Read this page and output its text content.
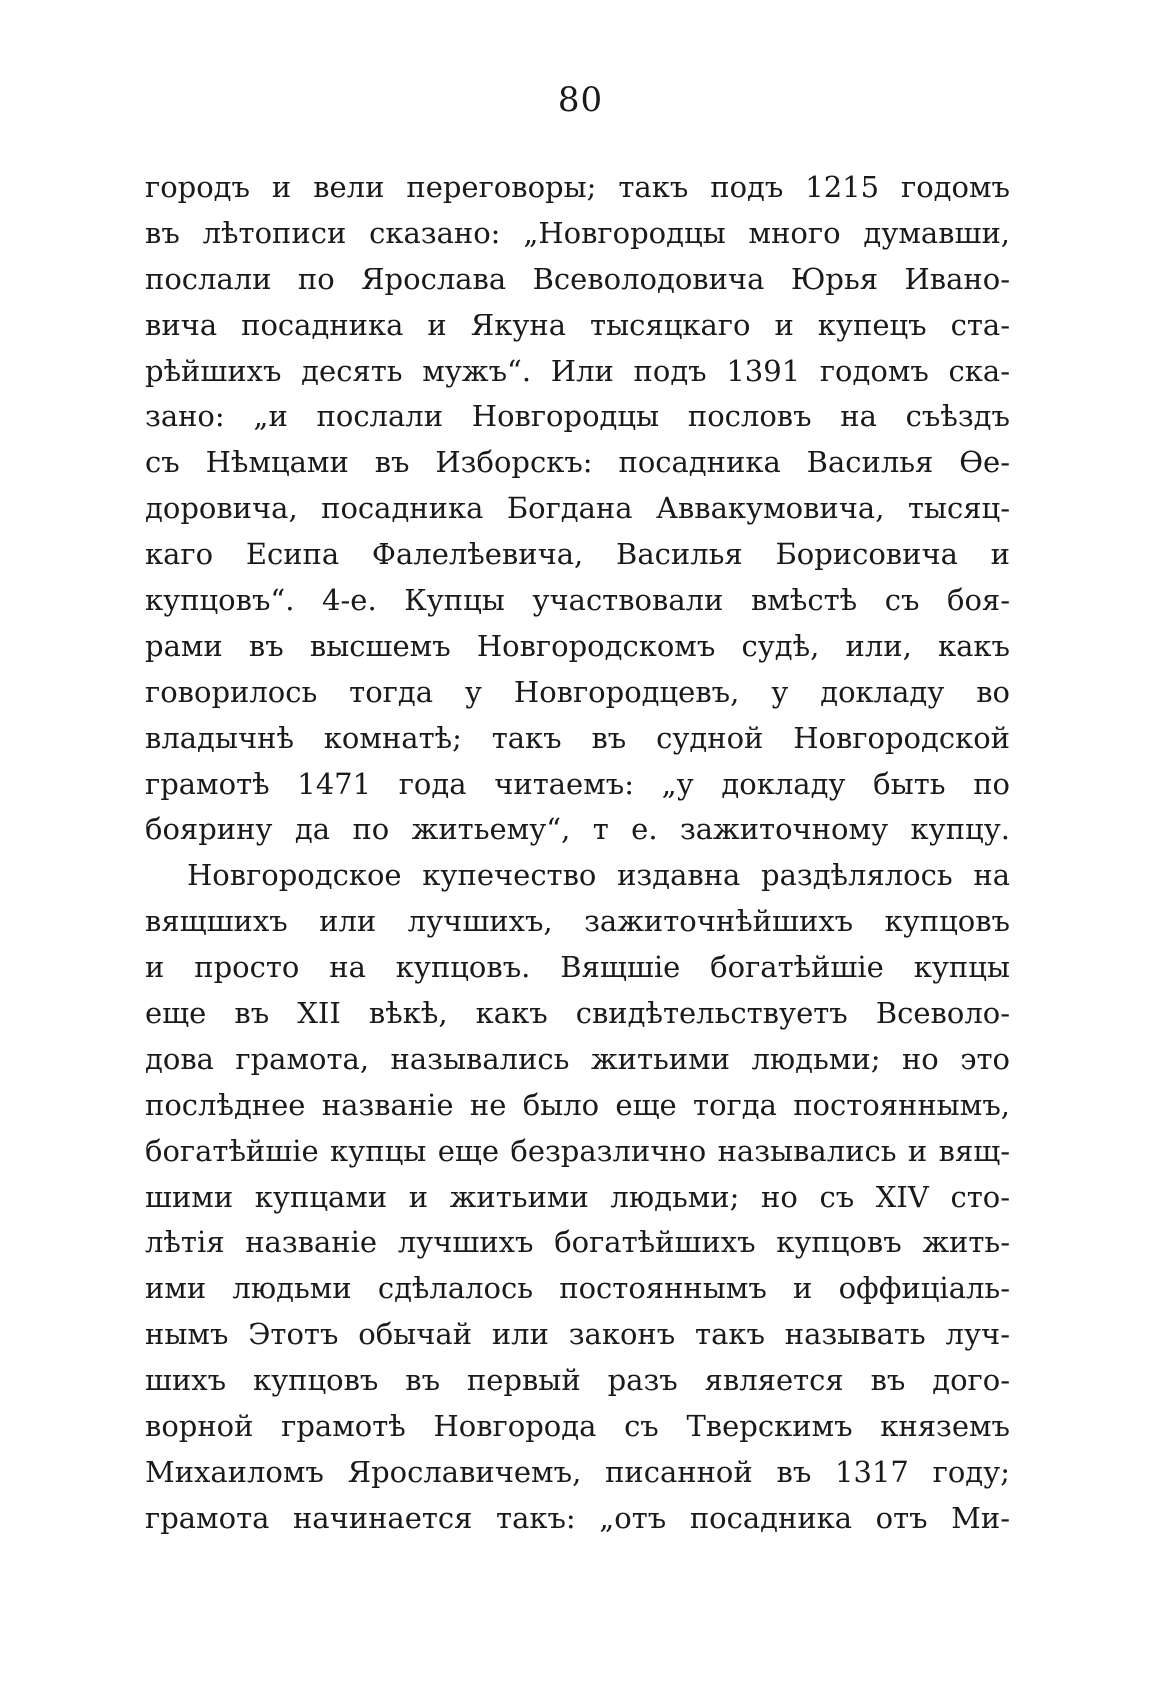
80
городъ и вели переговоры; такъ подъ 1215 годомъ
въ лѣтописи сказано: „Новгородцы много думавши,
послали по Ярослава Всеволодовича Юрья Ивано-
вича посадника и Якуна тысяцкаго и купецъ ста-
рѣйшихъ десять мужъ“. Или подъ 1391 годомъ ска-
зано: „и послали Новгородцы пословъ на съѣздъ
съ Нѣмцами въ Изборскъ: посадника Василья Ѳе-
доровича, посадника Богдана Аввакумовича, тысяц-
каго Есипа Фалелѣевича, Василья Борисовича и
купцовъ“. 4-е. Купцы участвовали вмѣстѣ съ боя-
рами въ высшемъ Новгородскомъ судѣ, или, какъ
говорилось тогда у Новгородцевъ, у докладу во
владычнѣ комнатѣ; такъ въ судной Новгородской
грамотѣ 1471 года читаемъ: „у докладу быть по
боярину да по житьему“, т е. зажиточному купцу.
Новгородское купечество издавна раздѣлялось на
вящшихъ или лучшихъ, зажиточнѣйшихъ купцовъ
и просто на купцовъ. Вящшіе богатѣйшіе купцы
еще въ XII вѣкѣ, какъ свидѣтельствуетъ Всеволо-
дова грамота, назывались житьими людьми; но это
послѣднее названіе не было еще тогда постояннымъ,
богатѣйшіе купцы еще безразлично назывались и вящ-
шими купцами и житьими людьми; но съ XIV сто-
лѣтія названіе лучшихъ богатѣйшихъ купцовъ жить-
ими людьми сдѣлалось постояннымъ и оффиціаль-
нымъ Этотъ обычай или законъ такъ называть луч-
шихъ купцовъ въ первый разъ является въ дого-
ворной грамотѣ Новгорода съ Тверскимъ княземъ
Михаиломъ Ярославичемъ, писанной въ 1317 году;
грамота начинается такъ: „отъ посадника отъ Ми-
